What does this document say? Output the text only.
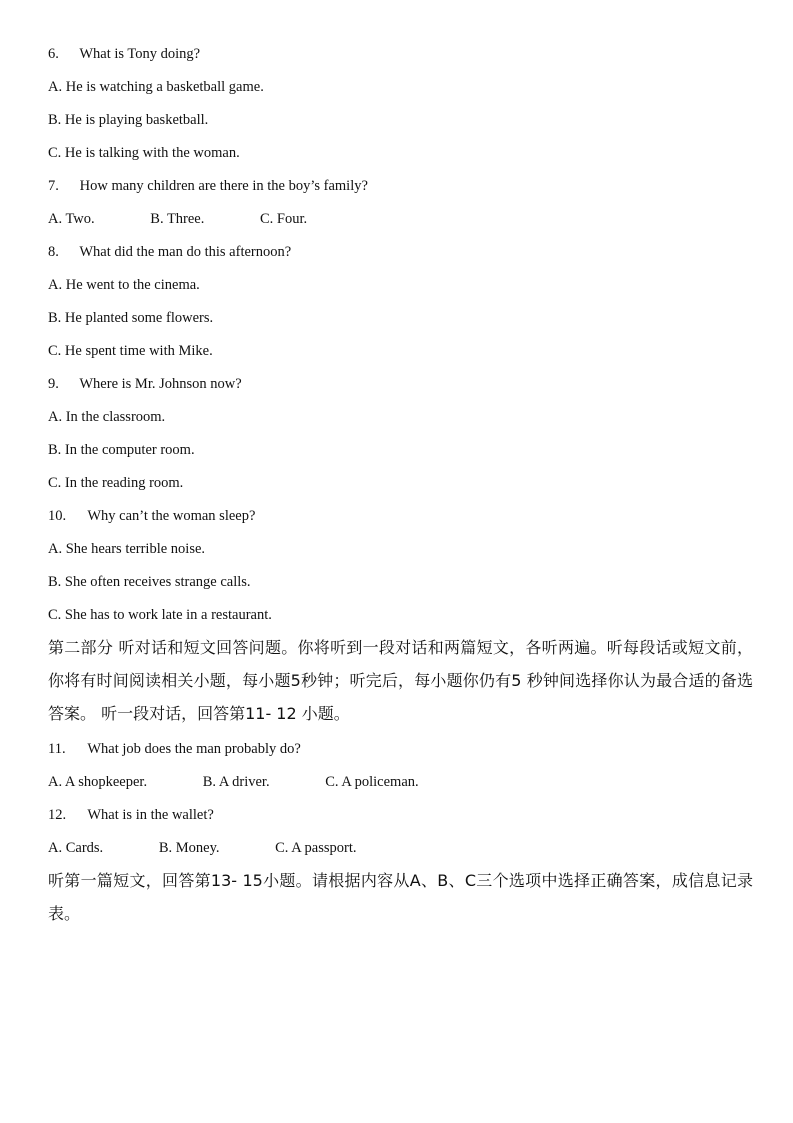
6. What is Tony doing?
A. He is watching a basketball game.
B. He is playing basketball.
C. He is talking with the woman.
7. How many children are there in the boy’s family?
A. Two.	B. Three.	C. Four.
8. What did the man do this afternoon?
A. He went to the cinema.
B. He planted some flowers.
C. He spent time with Mike.
9. Where is Mr. Johnson now?
A. In the classroom.
B. In the computer room.
C. In the reading room.
10. Why can’t the woman sleep?
A. She hears terrible noise.
B. She often receives strange calls.
C. She has to work late in a restaurant.
第二部分 听对话和短文回答问题。你将听到一段对话和两篇短文，各听两遍。听每段话或短文前，你将有时间阅读相关小题，每小题5秒钟；听完后，每小题你仍有5 秒钟间选择你认为最合适的备选答案。 听一段对话，回答第11- 12 小题。
11. What job does the man probably do?
A. A shopkeeper.	B. A driver.	C. A policeman.
12. What is in the wallet?
A. Cards.	B. Money.	C. A passport.
听第一篇短文，回答第13- 15小题。请根据内容从A、B、C三个选项中选择正确答案，成信息记录表。
